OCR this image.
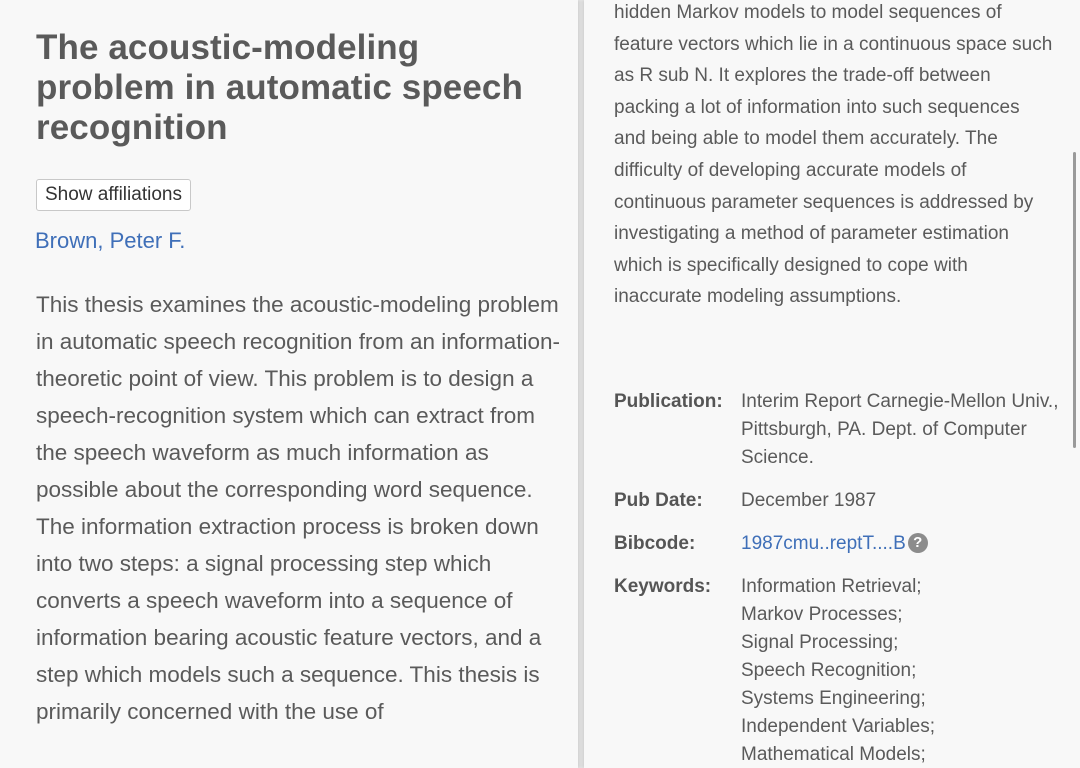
The acoustic-modeling problem in automatic speech recognition
Show affiliations
Brown, Peter F.

This thesis examines the acoustic-modeling problem in automatic speech recognition from an information-theoretic point of view. This problem is to design a speech-recognition system which can extract from the speech waveform as much information as possible about the corresponding word sequence. The information extraction process is broken down into two steps: a signal processing step which converts a speech waveform into a sequence of information bearing acoustic feature vectors, and a step which models such a sequence. This thesis is primarily concerned with the use of

hidden Markov models to model sequences of feature vectors which lie in a continuous space such as R sub N. It explores the trade-off between packing a lot of information into such sequences and being able to model them accurately. The difficulty of developing accurate models of continuous parameter sequences is addressed by investigating a method of parameter estimation which is specifically designed to cope with inaccurate modeling assumptions.

Publication: Interim Report Carnegie-Mellon Univ., Pittsburgh, PA. Dept. of Computer Science.
Pub Date:	December 1987
Bibcode:	1987cmu..reptT....B ?
Keywords:	Information Retrieval;
Markov Processes;
Signal Processing;
Speech Recognition;
Systems Engineering;
Independent Variables;
Mathematical Models;
